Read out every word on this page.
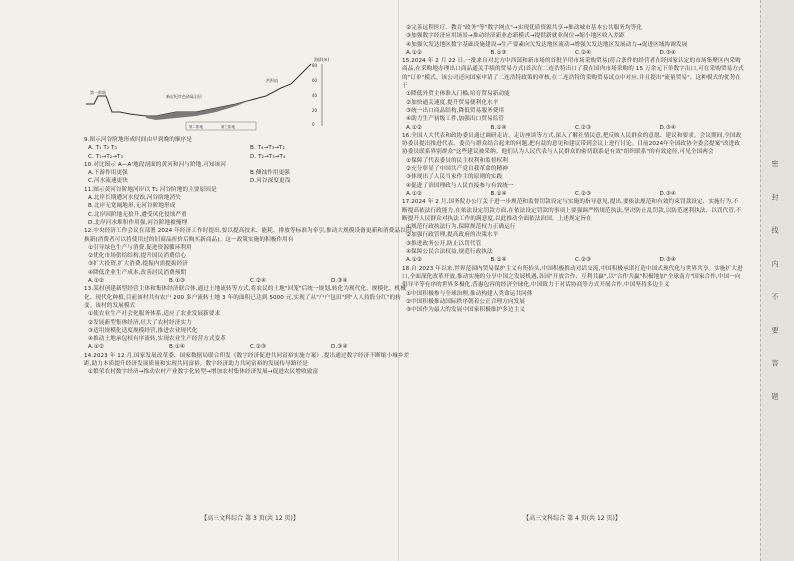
80
60
40
20
0
海拔(m)
第一阶地
新近纪红色砂砾岩层
洪积扇
第二阶地	第三阶地
9.图示河谷阶地形成时间由早到晚的顺序是
A. T₁ T₂ T₃	B. T₄→T₃→T₂
C. T₁→T₂→T₃	D. T₂→T₃→T₄
10.对比图示 A—A'地段剖面的黄河和河与阶地,可知该河
A.下游作用更强	B.侧蚀作用更强
C.河水流速更快	D.河谷深度更浅
11.图示黄河谷阶地河岸以 T₂ 河谷阶地的主要原因是
A.北岸长期遭河水侵蚀,河谷阶地消失
B.北岸无宽阔地形,无河谷阶地形成
C.北岸因阶地无拾升,遭受风化侵蚀严重
D.北岸河水堆积作用强,河谷阶地被掩埋
12.中央经济工作会议在部署 2024 年经济工作时提出,要以提高技术、能耗、排放等标准为牵引,推动大规模设备更新和消费品以旧换新(消费者可以将使用过的旧商品折价后购买新商品)。这一政策实施的积极作用有
①引导绿色生产与消费,促进资源循环利用
②优化市场供给结构,提升国民消费信心
③扩大投资,扩大消费,提振内需提振经济
④降低企业生产成本,改善居民消费预期
A.①②	B.①③	C.②④	D.③④
13.某村创建新型经营主体和集体经济联合体,通过土地流转等方式,将农民的土地"回笼"后统一规划,转化为现代化、规模化、机械化、现代化种植,目前该村共有农户 200 多户流转土地 3 年的面积已达到 5000 元,实现了从"户户包田"到"人人持股分红"的转变。该村的发展模式
①使农业生产社会化服务体系,适应了农业发展新要求
②发展新型集体经济,壮大了农村经济实力
③适用规模化适度规模经营,推进农业现代化
④推动土地承包权有序流转,实现农业生产经营方式变革
A.①②	B.①④	C.②③	D.③④
14.2023 年 12 月,国家发展改革委、国家数据局联合印发《数字经济促进共同富裕实施方案》,提出通过数字经济不断缩小城乡差距,助力本质提升经济发展质量和实现共同富裕。数字经济助力共同富裕的发展传导路径是
①繁荣农村数字经济→推动农村产业数字化转型→增加农村集体经济发展→促进农民增收致富
②完善远程医疗、教育"政务"等"数字网点"→实现优质资源共享→推动城市基本公共服务均等化
③加强数字经济应用场景→推动经济新业态新模式→提供新就业岗位→缩小地区收入差距
④加强欠发达地区数字基础设施建设→生产要素向欠发达地区流动→增强欠发达地区发展动力→促进区域协调发展
A.①②	B.①③	C.②④	D.③④
15.2024 年 2 月 22 日,一批来自对北方中西部和新市场的首批羊用市场采购贸易(符合条件的经营者在经国家认定的市场集聚区内采购商品,在采购地办理出口商品通关手续的贸易方式)首次在二连浩特出口了我在国内市场采购的 15 万余元下单数字出口,可在采购贸易方式的"订单"模式。该公司还向国家申请了二连浩特政策的审核,在二连浩特的采购贸易试点中对应,并且提出"流量贸易"。这种模式的优势在于
①降低外贸主体准入门槛,培育贸易新动能
②加快通关速度,提升贸易便利化水平
③统一出口商品结构,降低贸易服务费用
④助力生产初级工件,加强出口贸易监管
A.①②	B.①④	C.②③	D.③④
16.全国人大代表和政协委员通过调研走访、走访座谈等方式,深入了解社情民意,把反映人民群众的意愿、建议和要求。会议期间,全国政协委员提出推进代表、委员与群众结合起来的问题,把有益的意见和建议带到会议上进行讨论。目前2024年全国政协全委会提案"改进政协委员联系界别群众"这些建议被采纳。他们认为人民代表与人民群众的密切联系是有效"组织联系"的有效途径,可见全国两会
①保障了代表委员的民主权利和监督权利
②充分彰显了中国共产党自我革命的精神
③体现出了人民当家作主的原则的实践
④促进了治国理政与人民直接参与有效统一
A.①②	B.①④	C.②③	D.③④
17.2024 年 2 月,国务院办公厅关于进一步规范和监督罚款设定与实施的指导意见,提出,要依法规范和有效约束罚款设定、实施行为,不断提高依法行政能力,在依法设定罚款方面,在依法设定罚款的事项上要强调严格规范执法,坚决防止乱罚款,以防范逐利执法、以罚代管,不断提升人民群众对执法工作的满意度,以此推动全面依法治国。上述规定旨在
①规范行政执法行为,保障规范权力正确运行
②加强行政管理,提高政府的决策水平
③推进政务公开,防止以罚代管
④保障公民合法权益,规范行政执法
A.①②	B.①④	C.②③	D.③④
18.自 2023 年以来,世界范围内贸易保护主义有所抬头,中国积极推动对话交流,中国积极承诺打造中国式现代化与世界共享。实施扩大进口,全面深化改革开放,推动实施的分享中国之发展机遇,各国"开放合作、互利共赢",以"合作共赢"积极地加"全球南方"国家合作,中国一向倡导平等有序的世界多极化,普惠包容的经济全球化,中国致力于对话协商等方式开展合作,中国坚持多边主义
①中国积极参与全球治理,推动构建人类命运共同体
②中国积极推动国际秩序朝着公正合理方向发展
③中国作为最大的发展中国家积极维护多边主义
【高三文科综合 第 3 页(共 12 页)】	【高三文科综合 第 4 页(共 12 页)】
